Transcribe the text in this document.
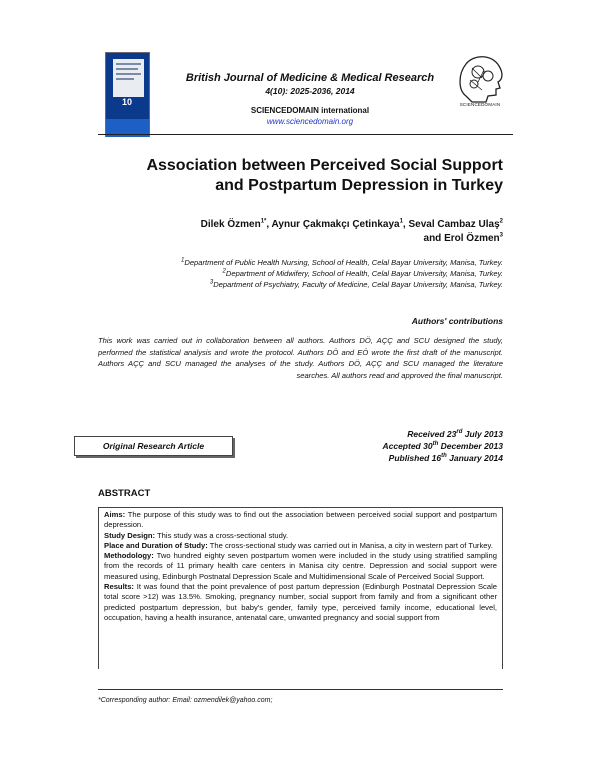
10
British Journal of Medicine & Medical Research
4(10): 2025-2036, 2014
SCIENCEDOMAIN international
www.sciencedomain.org
SCIENCEDOMAIN
Association between Perceived Social Support
and Postpartum Depression in Turkey
Dilek Özmen$^{1*}$, Aynur Çakmakçı Çetinkaya$^1$, Seval Cambaz Ulaş$^2$
and Erol Özmen$^3$
$^1$Department of Public Health Nursing, School of Health, Celal Bayar University, Manisa, Turkey.
$^2$Department of Midwifery, School of Health, Celal Bayar University, Manisa, Turkey.
$^3$Department of Psychiatry, Faculty of Medicine, Celal Bayar University, Manisa, Turkey.
Authors' contributions
This work was carried out in collaboration between all authors. Authors DÖ, AÇÇ and SCU designed the study, performed the statistical analysis and wrote the protocol. Authors DÖ and EÖ wrote the first draft of the manuscript. Authors AÇÇ and SCU managed the analyses of the study. Authors DÖ, AÇÇ and SCU managed the literature searches. All authors read and approved the final manuscript.
Original Research Article
Received 23rd July 2013
Accepted 30th December 2013
Published 16th January 2014
ABSTRACT

Aims: The purpose of this study was to find out the association between perceived social support and postpartum depression.

Study Design: This study was a cross-sectional study.

Place and Duration of Study: The cross-sectional study was carried out in Manisa, a city in western part of Turkey.

Methodology: Two hundred eighty seven postpartum women were included in the study using stratified sampling from the records of 11 primary health care centers in Manisa city centre. Depression and social support were measured using, Edinburgh Postnatal Depression Scale and Multidimensional Scale of Perceived Social Support.

Results: It was found that the point prevalence of post partum depression (Edinburgh Postnatal Depression Scale total score >12) was 13.5%. Smoking, pregnancy number, social support from family and from a significant other predicted postpartum depression, but baby's gender, family type, perceived family income, educational level, occupation, having a health insurance, antenatal care, unwanted pregnancy and social support from

*Corresponding author: Email: ozmendilek@yahoo.com;
